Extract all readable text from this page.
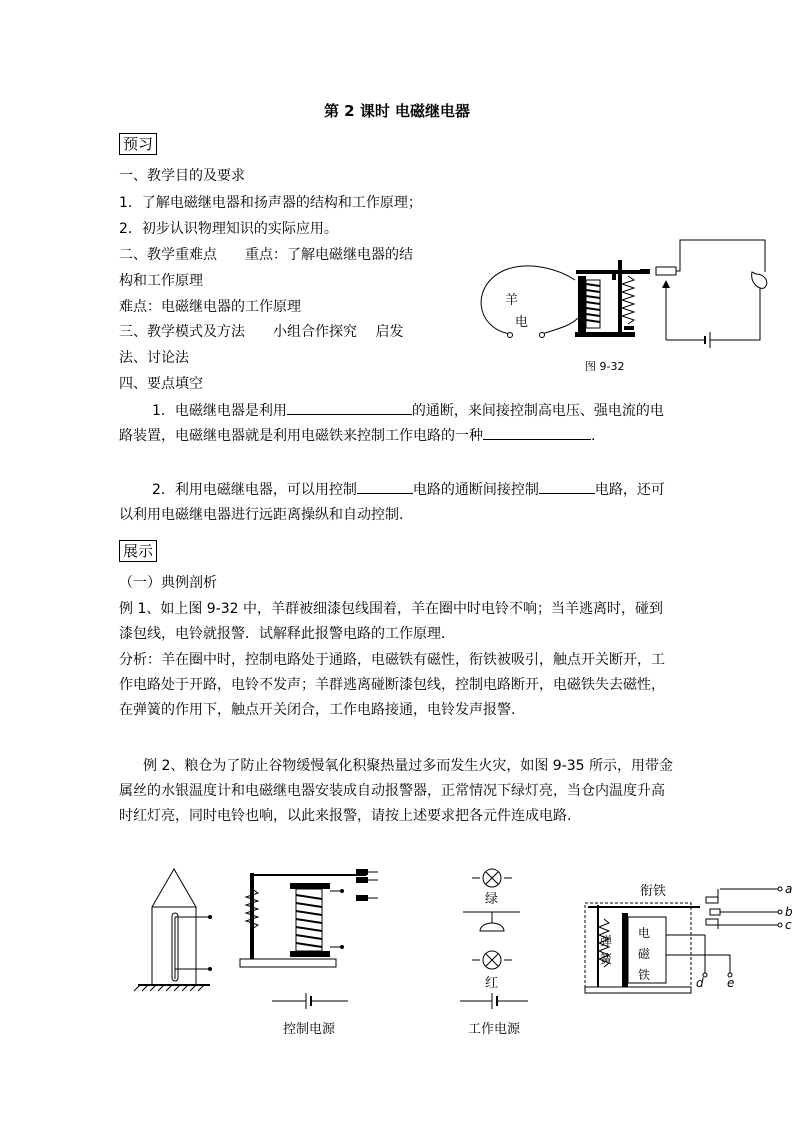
第 2 课时 电磁继电器
预习
一、教学目的及要求
1．了解电磁继电器和扬声器的结构和工作原理；
2．初步认识物理知识的实际应用。
二、教学重难点　　重点：了解电磁继电器的结
构和工作原理
难点：电磁继电器的工作原理
三、教学模式及方法　　小组合作探究　 启发
法、讨论法
四、要点填空
羊
电
图 9-32
1．电磁继电器是利用	的通断，来间接控制高电压、强电流的电路装置，电磁继电器就是利用电磁铁来控制工作电路的一种	.
2．利用电磁继电器，可以用控制	电路的通断间接控制	电路，还可以利用电磁继电器进行远距离操纵和自动控制.
展示
（一）典例剖析
例 1、如上图 9-32 中，羊群被细漆包线围着，羊在圈中时电铃不响；当羊逃离时，碰到漆包线，电铃就报警．试解释此报警电路的工作原理．
分析：羊在圈中时，控制电路处于通路，电磁铁有磁性，衔铁被吸引，触点开关断开，工作电路处于开路，电铃不发声；羊群逃离碰断漆包线，控制电路断开，电磁铁失去磁性，在弹簧的作用下，触点开关闭合，工作电路接通，电铃发声报警.
例 2、粮仓为了防止谷物缓慢氧化积聚热量过多而发生火灾，如图 9-35 所示，用带金属丝的水银温度计和电磁继电器安装成自动报警器，正常情况下绿灯亮，当仓内温度升高时红灯亮，同时电铃也响，以此来报警，请按上述要求把各元件连成电路.
控制电源
绿
红
工作电源
弹
簧
电
磁
铁
衔铁	a
b
c
d e
